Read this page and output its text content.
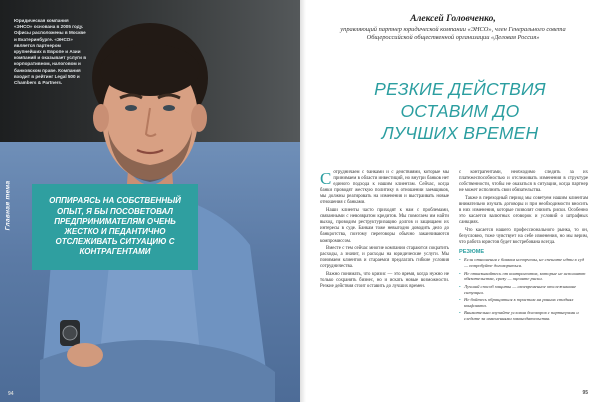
Юридическая компания «ЭНСО» основана в 2005 году. Офисы расположены в Москве и Екатеринбурге. «ЭНСО» является партнером крупнейших в Европе и Азии компаний и оказывает услуги в корпоративном, налоговом и банковском праве. Компания входит в рейтинг Legal 500 и Chambers & Partners.
Главная тема	ОППИРАЯСЬ НА СОБСТВЕННЫЙ ОПЫТ, Я БЫ ПОСОВЕТОВАЛ ПРЕДПРИНИМАТЕЛЯМ ОЧЕНЬ ЖЕСТКО И ПЕДАНТИЧНО ОТСЛЕЖИВАТЬ СИТУАЦИЮ С КОНТРАГЕНТАМИ
94
Алексей Головченко,
управляющий партнер юридической компании «ЭНСО», член Генерального совета Общероссийской общественной организации «Деловая Россия»
РЕЗКИЕ ДЕЙСТВИЯ ОСТАВИМ ДО ЛУЧШИХ ВРЕМЕН
С отрудничаем с банками и с действиями, которые мы принимаем в области инвестиций, но внутри банков нет единого подхода к нашим клиентам. Сейчас, когда банки проводят жесткую политику в отношении заемщиков, мы должны реагировать на изменения и выстраивать новые отношения с банками.

Наши клиенты часто приходят к нам с проблемами, связанными с невозвратом кредитов. Мы помогаем им найти выход, проводим реструктуризацию долгов и защищаем их интересы в суде. Банкам тоже невыгодно доводить дело до банкротства, поэтому переговоры обычно заканчиваются компромиссом.

Вместе с тем сейчас многие компании стараются сократить расходы, а значит, и расходы на юридические услуги. Мы понимаем клиентов и стараемся предлагать гибкие условия сотрудничества.

Важно понимать, что кризис — это время, когда нужно не только сохранять бизнес, но и искать новые возможности. Резкие действия стоит оставить до лучших времен.

с контрагентами, необходимо следить за их платежеспособностью и отслеживать изменения в структуре собственности, чтобы не оказаться в ситуации, когда партнер не может исполнить свои обязательства.

Также в переходный период мы советуем нашим клиентам внимательно изучать договоры и при необходимости вносить в них изменения, которые позволят снизить риски. Особенно это касается валютных оговорок и условий о штрафных санкциях.

Что касается нашего профессионального рынка, то он, безусловно, тоже чувствует на себе изменения, но мы верим, что работа юристов будет востребована всегда.

РЕЗЮМЕ
• Если отношения с банком испорчены, не спешите идти в суд — попробуйте договориться.
• Не отказывайтесь от контрагентов, которые не исполняют обязательства, сразу — оцените риски.
• Лучший способ защиты — своевременное отслеживание ситуации.
• Не бойтесь обращаться к юристам на ранних стадиях конфликта.
• Внимательно изучайте условия договоров с партнерами и следите за изменениями законодательства.
95
